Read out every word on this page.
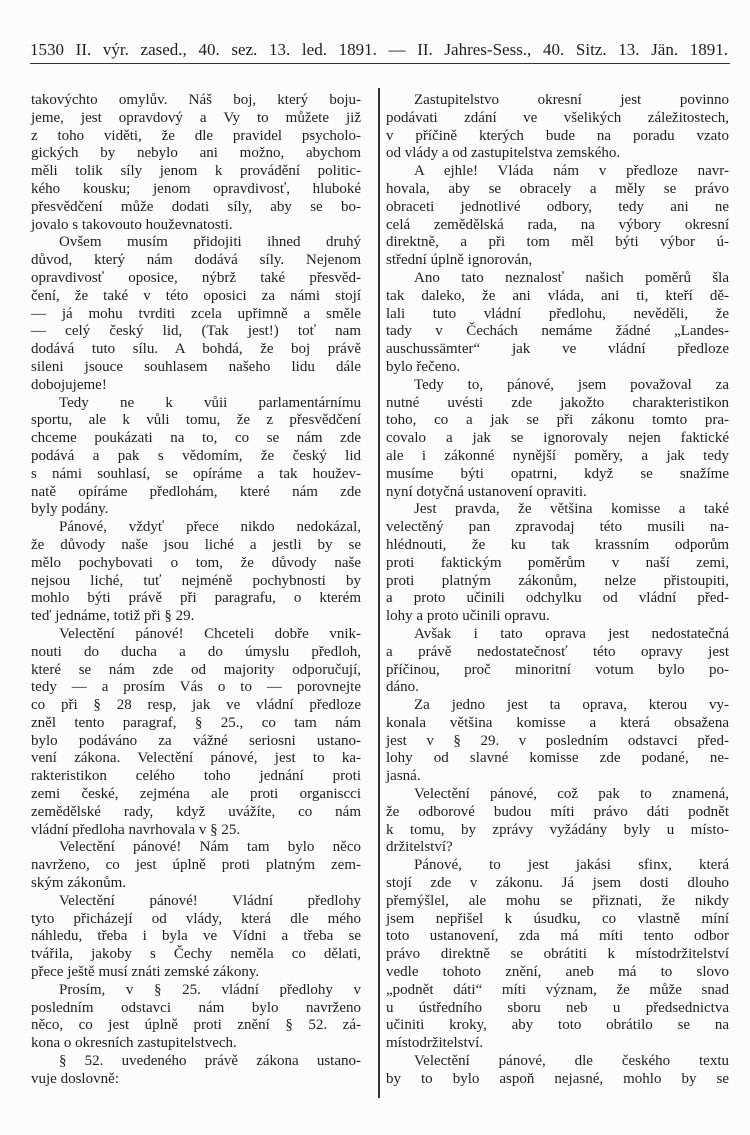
1530 II. výr. zased., 40. sez. 13. led. 1891. — II. Jahres-Sess., 40. Sitz. 13. Jän. 1891.
takovýchto omylův. Náš boj, který boju-
jeme, jest opravdový a Vy to můžete již
z toho viděti, že dle pravidel psycholo-
gických by nebylo ani možno, abychom
měli tolik síly jenom k provádění politic-
kého kousku; jenom opravdivosť, hluboké
přesvědčení může dodati síly, aby se bo-
jovalo s takovouto houževnatosti.
Ovšem musím přidojiti ihned druhý
důvod, který nám dodává síly. Nejenom
opravdivosť oposice, nýbrž také přesvěd-
čení, že také v této oposici za námi stojí
— já mohu tvrditi zcela upřimně a směle
— celý český lid, (Tak jest!) toť nam
dodává tuto sílu. A bohdá, že boj právě
sileni jsouce souhlasem našeho lidu dále
dobojujeme!
Tedy ne k vůii parlamentárnímu
sportu, ale k vůli tomu, že z přesvědčení
chceme poukázati na to, co se nám zde
podává a pak s vědomím, že český lid
s námi souhlasí, se opíráme a tak houžev-
natě opíráme předlohám, které nám zde
byly podány.
Pánové, vždyť přece nikdo nedokázal,
že důvody naše jsou liché a jestli by se
mělo pochybovati o tom, že důvody naše
nejsou liché, tuť nejméně pochybnosti by
mohlo býti právě při paragrafu, o kterém
teď jednáme, totiž při § 29.
Velectění pánové! Chceteli dobře vnik-
nouti do ducha a do úmyslu předloh,
které se nám zde od majority odporučují,
tedy — a prosím Vás o to — porovnejte
co při § 28 resp, jak ve vládní předloze
zněl tento paragraf, § 25., co tam nám
bylo podáváno za vážné seriosni ustano-
vení zákona. Velectění pánové, jest to ka-
rakteristikon celého toho jednání proti
zemi české, zejména ale proti organiscci
zemědělské rady, když uvážíte, co nám
vládní předloha navrhovala v § 25.
Velectění pánové! Nám tam bylo něco
navrženo, co jest úplně proti platným zem-
ským zákonům.
Velectění pánové! Vládní předlohy
tyto přicházejí od vlády, která dle mého
náhledu, třeba i byla ve Vídni a třeba se
tvářila, jakoby s Čechy neměla co dělati,
přece ještě musí znáti zemské zákony.
Prosím, v § 25. vládní předlohy v
posledním odstavci nám bylo navrženo
něco, co jest úplně proti znění § 52. zá-
kona o okresních zastupitelstvech.
§ 52. uvedeného právě zákona ustano-
vuje doslovně:
Zastupitelstvo okresní jest povinno
podávati zdání ve všelikých záležitostech,
v příčině kterých bude na poradu vzato
od vlády a od zastupitelstva zemského.
A ejhle! Vláda nám v předloze navr-
hovala, aby se obracely a měly se právo
obraceti jednotlivé odbory, tedy ani ne
celá zemědělská rada, na výbory okresní
direktně, a při tom měl býti výbor ú-
střední úplně ignorován,
Ano tato neznalosť našich poměrů šla
tak daleko, že ani vláda, ani ti, kteří dě-
lali tuto vládní předlohu, nevěděli, že
tady v Čechách nemáme žádné „Landes-
auschussämter“ jak ve vládní předloze
bylo řečeno.
Tedy to, pánové, jsem považoval za
nutné uvésti zde jakožto charakteristikon
toho, co a jak se při zákonu tomto pra-
covalo a jak se ignorovaly nejen faktické
ale i zákonné nynější poměry, a jak tedy
musíme býti opatrni, když se snažíme
nyní dotyčná ustanovení opraviti.
Jest pravda, že většina komisse a také
velectěný pan zpravodaj této musili na-
hlédnouti, že ku tak krassním odporům
proti faktickým poměrům v naší zemi,
proti platným zákonům, nelze přistoupiti,
a proto učinili odchylku od vládní před-
lohy a proto učinili opravu.
Avšak i tato oprava jest nedostatečná
a právě nedostatečnosť této opravy jest
příčinou, proč minoritní votum bylo po-
dáno.
Za jedno jest ta oprava, kterou vy-
konala většina komisse a která obsažena
jest v § 29. v posledním odstavci před-
lohy od slavné komisse zde podané, ne-
jasná.
Velectění pánové, což pak to znamená,
že odborové budou míti právo dáti podnět
k tomu, by zprávy vyžádány byly u místo-
držitelství?
Pánové, to jest jakási sfinx, která
stojí zde v zákonu. Já jsem dosti dlouho
přemýšlel, ale mohu se přiznati, že nikdy
jsem nepřišel k úsudku, co vlastně míní
toto ustanovení, zda má míti tento odbor
právo direktně se obrátiti k místodržitelství
vedle tohoto znění, aneb má to slovo
„podnět dáti“ míti význam, že může snad
u ústředního sboru neb u předsednictva
učiniti kroky, aby toto obrátilo se na
místodržitelství.
Velectění pánové, dle českého textu
by to bylo aspoň nejasné, mohlo by se
